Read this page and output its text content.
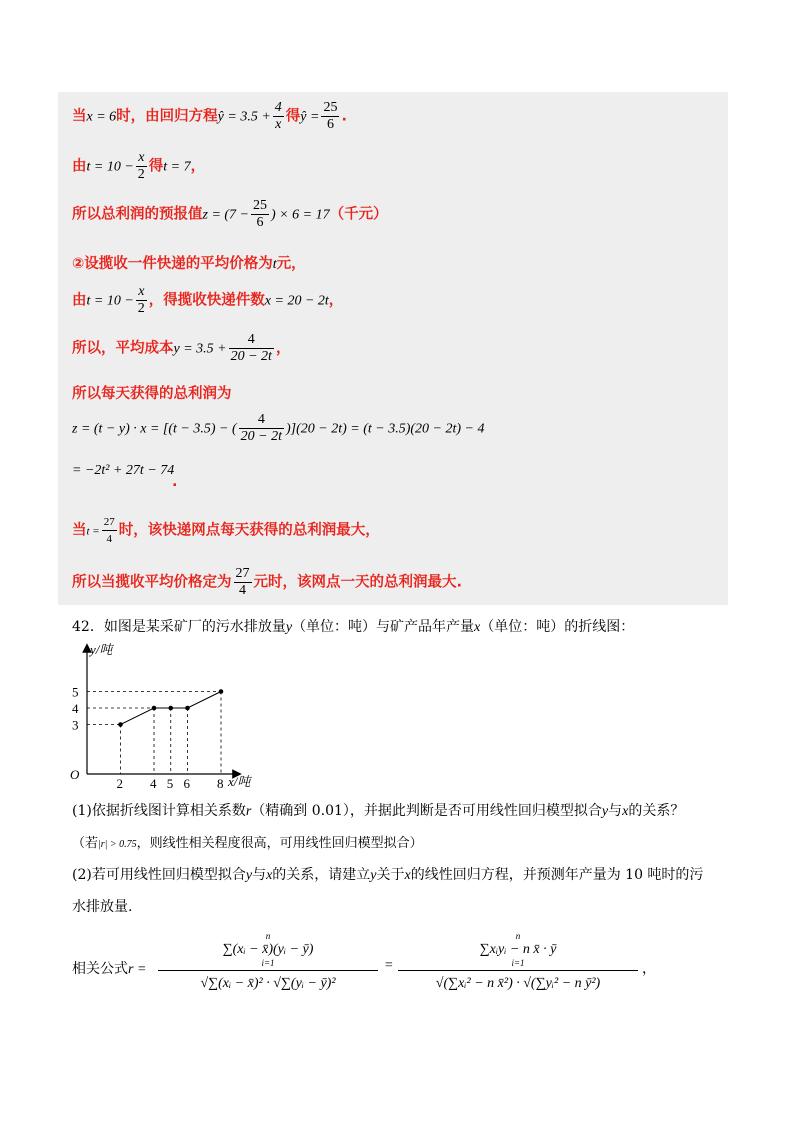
当x = 6时，由回归方程ŷ = $3.5 + \frac{4}{x}$ 得ŷ = $\frac{25}{6}$ .
由$t = 10 - \frac{x}{2}$ 得t = 7，
所以总利润的预报值$z = (7 - \frac{25}{6}$ ) × 6 = 17（千元）
②设揽收一件快递的平均价格为t元，
由$t = 10 - \frac{x}{2}$ ，得揽收快递件数x = 20 − 2t，
所以，平均成本$y = 3.5 + \frac{4}{20 - 2t}$ ，
所以每天获得的总利润为
z = (t − y) · x = [(t − 3.5) − ( $\frac{4}{20 - 2t} )](20 - 2t) = (t - 3.5)(20 - 2t) - 4$
= −2t² + 27t − 74
.
当$t = \frac{27}{4}$ 时，该快递网点每天获得的总利润最大，
所以当揽收平均价格定为 $\frac{27}{4}$ 元时，该网点一天的总利润最大.
42．如图是某采矿厂的污水排放量y（单位：吨）与矿产品年产量x（单位：吨）的折线图：
y/吨
x/吨
O
2 4 5 6 8
3
4
5
(1)依据折线图计算相关系数r（精确到 0.01），并据此判断是否可用线性回归模型拟合y与x的关系？
（若|r| > 0.75，则线性相关程度很高，可用线性回归模型拟合）
(2)若可用线性回归模型拟合y与x的关系，请建立y关于x的线性回归方程，并预测年产量为 10 吨时的污
水排放量.
相关公式r =
n
∑(xᵢ − x̄)(yᵢ − ȳ)
i=1
√∑(xᵢ − x̄)² · √∑(yᵢ − ȳ)²
=
n
∑xᵢyᵢ − n x̄ · ȳ
i=1
√(∑xᵢ² − n x̄²) · √(∑yᵢ² − n ȳ²)
，
